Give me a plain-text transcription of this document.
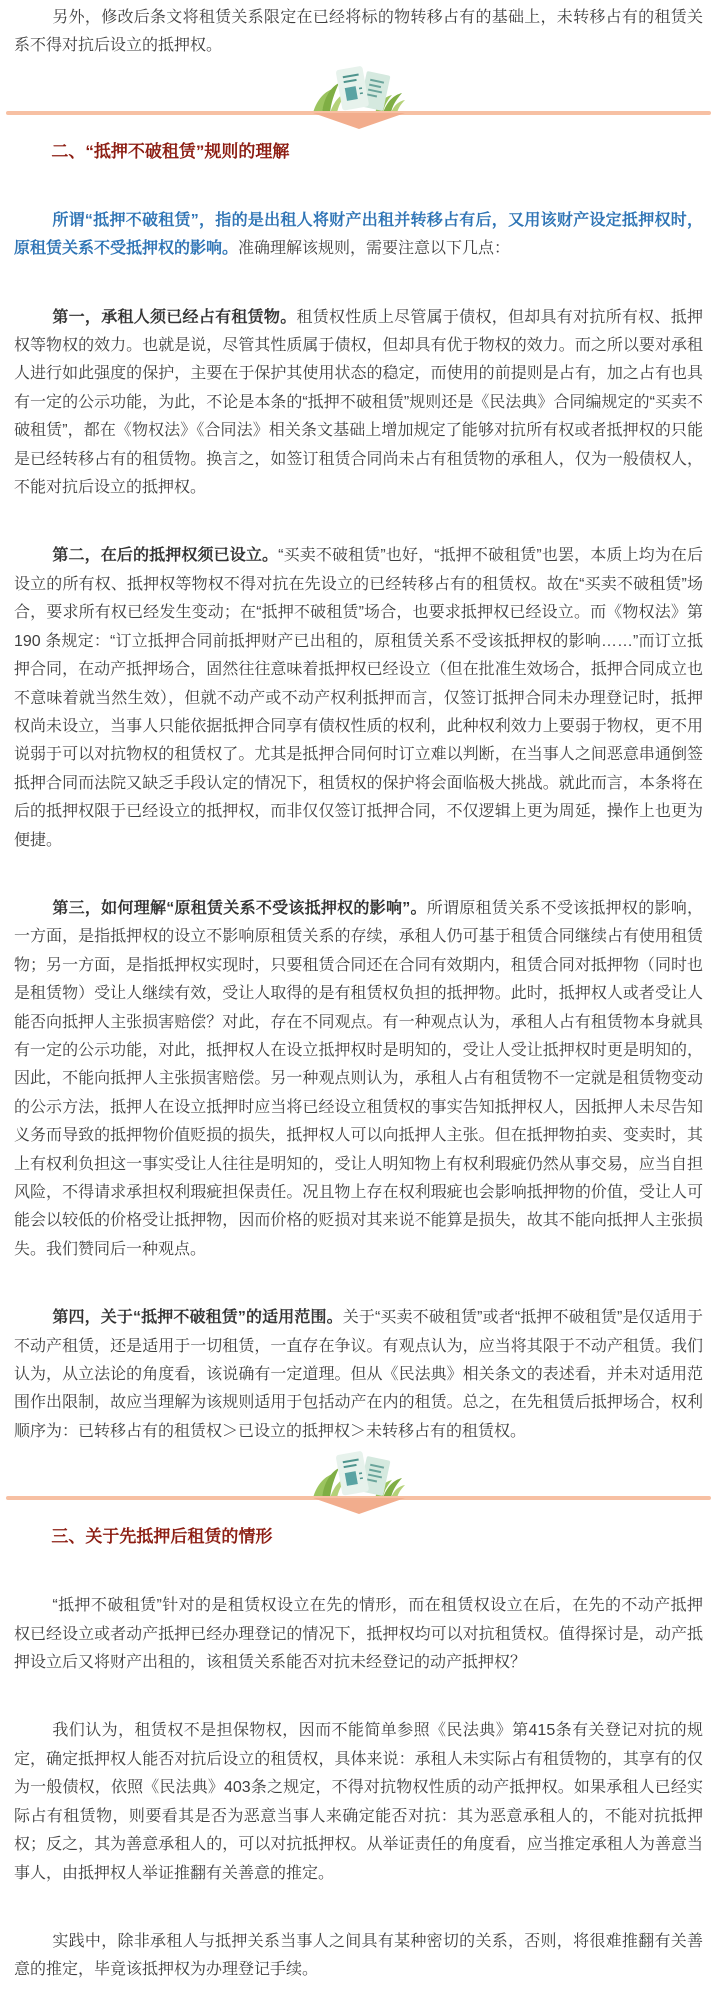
另外，修改后条文将租赁关系限定在已经将标的物转移占有的基础上，未转移占有的租赁关系不得对抗后设立的抵押权。

二、“抵押不破租赁”规则的理解

所谓“抵押不破租赁”，指的是出租人将财产出租并转移占有后，又用该财产设定抵押权时，原租赁关系不受抵押权的影响。准确理解该规则，需要注意以下几点：

第一，承租人须已经占有租赁物。租赁权性质上尽管属于债权，但却具有对抗所有权、抵押权等物权的效力。也就是说，尽管其性质属于债权，但却具有优于物权的效力。而之所以要对承租人进行如此强度的保护，主要在于保护其使用状态的稳定，而使用的前提则是占有，加之占有也具有一定的公示功能，为此，不论是本条的“抵押不破租赁”规则还是《民法典》合同编规定的“买卖不破租赁”，都在《物权法》《合同法》相关条文基础上增加规定了能够对抗所有权或者抵押权的只能是已经转移占有的租赁物。换言之，如签订租赁合同尚未占有租赁物的承租人，仅为一般债权人，不能对抗后设立的抵押权。

第二，在后的抵押权须已设立。“买卖不破租赁”也好，“抵押不破租赁”也罢，本质上均为在后设立的所有权、抵押权等物权不得对抗在先设立的已经转移占有的租赁权。故在“买卖不破租赁”场合，要求所有权已经发生变动；在“抵押不破租赁”场合，也要求抵押权已经设立。而《物权法》第190 条规定：“订立抵押合同前抵押财产已出租的，原租赁关系不受该抵押权的影响……”而订立抵押合同，在动产抵押场合，固然往往意味着抵押权已经设立（但在批准生效场合，抵押合同成立也不意味着就当然生效），但就不动产或不动产权利抵押而言，仅签订抵押合同未办理登记时，抵押权尚未设立，当事人只能依据抵押合同享有债权性质的权利，此种权利效力上要弱于物权，更不用说弱于可以对抗物权的租赁权了。尤其是抵押合同何时订立难以判断，在当事人之间恶意串通倒签抵押合同而法院又缺乏手段认定的情况下，租赁权的保护将会面临极大挑战。就此而言，本条将在后的抵押权限于已经设立的抵押权，而非仅仅签订抵押合同，不仅逻辑上更为周延，操作上也更为便捷。

第三，如何理解“原租赁关系不受该抵押权的影响”。所谓原租赁关系不受该抵押权的影响，一方面，是指抵押权的设立不影响原租赁关系的存续，承租人仍可基于租赁合同继续占有使用租赁物；另一方面，是指抵押权实现时，只要租赁合同还在合同有效期内，租赁合同对抵押物（同时也是租赁物）受让人继续有效，受让人取得的是有租赁权负担的抵押物。此时，抵押权人或者受让人能否向抵押人主张损害赔偿？对此，存在不同观点。有一种观点认为，承租人占有租赁物本身就具有一定的公示功能，对此，抵押权人在设立抵押权时是明知的，受让人受让抵押权时更是明知的，因此，不能向抵押人主张损害赔偿。另一种观点则认为，承租人占有租赁物不一定就是租赁物变动的公示方法，抵押人在设立抵押时应当将已经设立租赁权的事实告知抵押权人，因抵押人未尽告知义务而导致的抵押物价值贬损的损失，抵押权人可以向抵押人主张。但在抵押物拍卖、变卖时，其上有权利负担这一事实受让人往往是明知的，受让人明知物上有权利瑕疵仍然从事交易，应当自担风险，不得请求承担权利瑕疵担保责任。况且物上存在权利瑕疵也会影响抵押物的价值，受让人可能会以较低的价格受让抵押物，因而价格的贬损对其来说不能算是损失，故其不能向抵押人主张损失。我们赞同后一种观点。

第四，关于“抵押不破租赁”的适用范围。关于“买卖不破租赁”或者“抵押不破租赁”是仅适用于不动产租赁，还是适用于一切租赁，一直存在争议。有观点认为，应当将其限于不动产租赁。我们认为，从立法论的角度看，该说确有一定道理。但从《民法典》相关条文的表述看，并未对适用范围作出限制，故应当理解为该规则适用于包括动产在内的租赁。总之，在先租赁后抵押场合，权利顺序为：已转移占有的租赁权＞已设立的抵押权＞未转移占有的租赁权。

三、关于先抵押后租赁的情形

“抵押不破租赁”针对的是租赁权设立在先的情形，而在租赁权设立在后，在先的不动产抵押权已经设立或者动产抵押已经办理登记的情况下，抵押权均可以对抗租赁权。值得探讨是，动产抵押设立后又将财产出租的，该租赁关系能否对抗未经登记的动产抵押权？

我们认为，租赁权不是担保物权，因而不能简单参照《民法典》第415条有关登记对抗的规定，确定抵押权人能否对抗后设立的租赁权，具体来说：承租人未实际占有租赁物的，其享有的仅为一般债权，依照《民法典》403条之规定，不得对抗物权性质的动产抵押权。如果承租人已经实际占有租赁物，则要看其是否为恶意当事人来确定能否对抗：其为恶意承租人的，不能对抗抵押权；反之，其为善意承租人的，可以对抗抵押权。从举证责任的角度看，应当推定承租人为善意当事人，由抵押权人举证推翻有关善意的推定。

实践中，除非承租人与抵押关系当事人之间具有某种密切的关系，否则，将很难推翻有关善意的推定，毕竟该抵押权为办理登记手续。
